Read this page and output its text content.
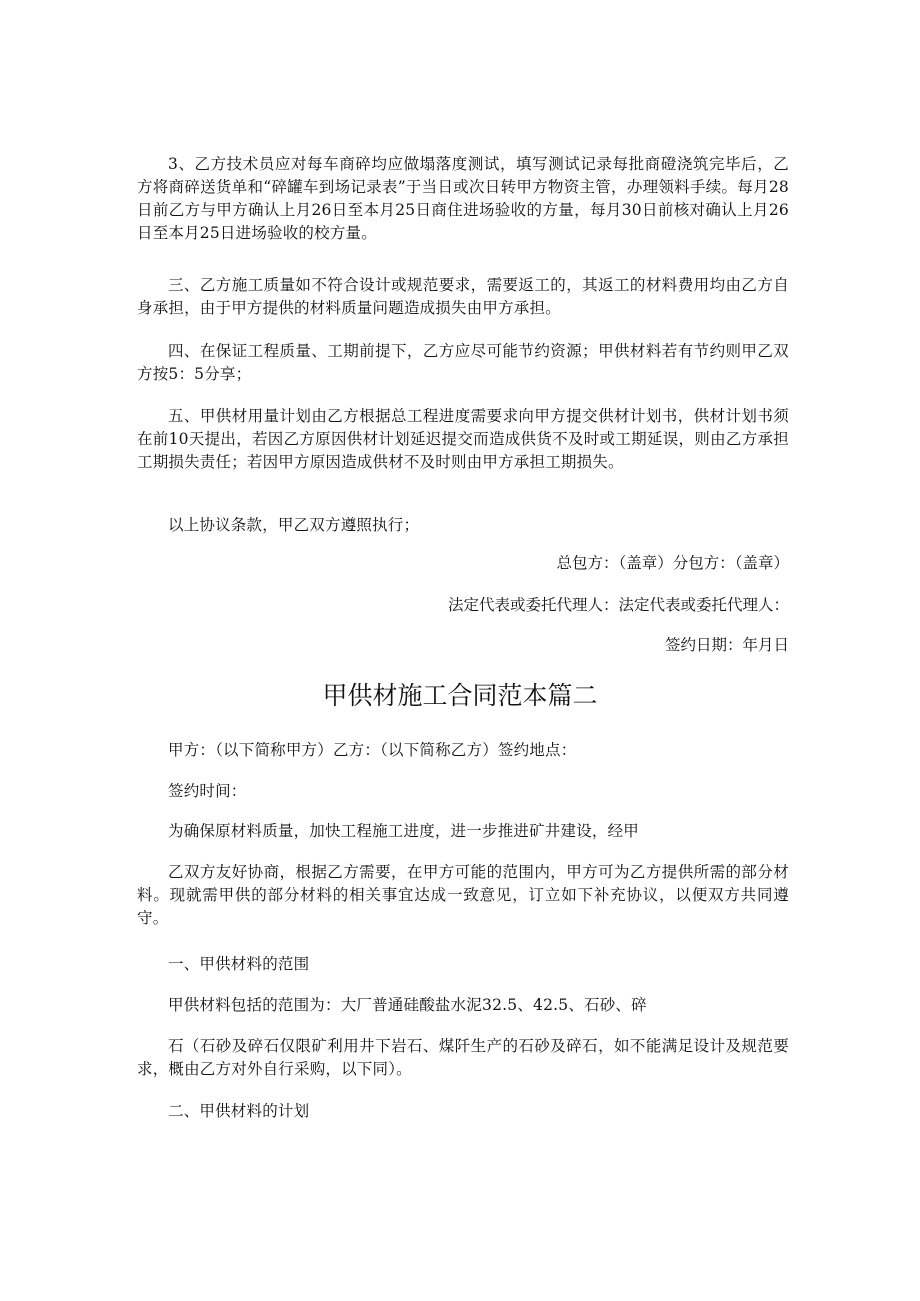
3、乙方技术员应对每车商碎均应做塌落度测试，填写测试记录每批商磴浇筑完毕后，乙方将商碎送货单和“碎罐车到场记录表”于当日或次日转甲方物资主管，办理领料手续。每月28日前乙方与甲方确认上月26日至本月25日商住进场验收的方量，每月30日前核对确认上月26日至本月25日进场验收的校方量。

三、乙方施工质量如不符合设计或规范要求，需要返工的，其返工的材料费用均由乙方自身承担，由于甲方提供的材料质量问题造成损失由甲方承担。

四、在保证工程质量、工期前提下，乙方应尽可能节约资源；甲供材料若有节约则甲乙双方按5：5分享；

五、甲供材用量计划由乙方根据总工程进度需要求向甲方提交供材计划书，供材计划书须在前10天提出，若因乙方原因供材计划延迟提交而造成供货不及时或工期延误，则由乙方承担工期损失责任；若因甲方原因造成供材不及时则由甲方承担工期损失。

以上协议条款，甲乙双方遵照执行；

总包方：（盖章）分包方：（盖章）
法定代表或委托代理人：法定代表或委托代理人：
签约日期：年月日
甲供材施工合同范本篇二

甲方：（以下简称甲方）乙方：（以下简称乙方）签约地点：

签约时间：

为确保原材料质量，加快工程施工进度，进一步推进矿井建设，经甲

乙双方友好协商，根据乙方需要，在甲方可能的范围内，甲方可为乙方提供所需的部分材料。现就需甲供的部分材料的相关事宜达成一致意见，订立如下补充协议，以便双方共同遵守。

一、甲供材料的范围

甲供材料包括的范围为：大厂普通硅酸盐水泥32.5、42.5、石砂、碎

石（石砂及碎石仅限矿利用井下岩石、煤阡生产的石砂及碎石，如不能满足设计及规范要求，概由乙方对外自行采购，以下同）。

二、甲供材料的计划
